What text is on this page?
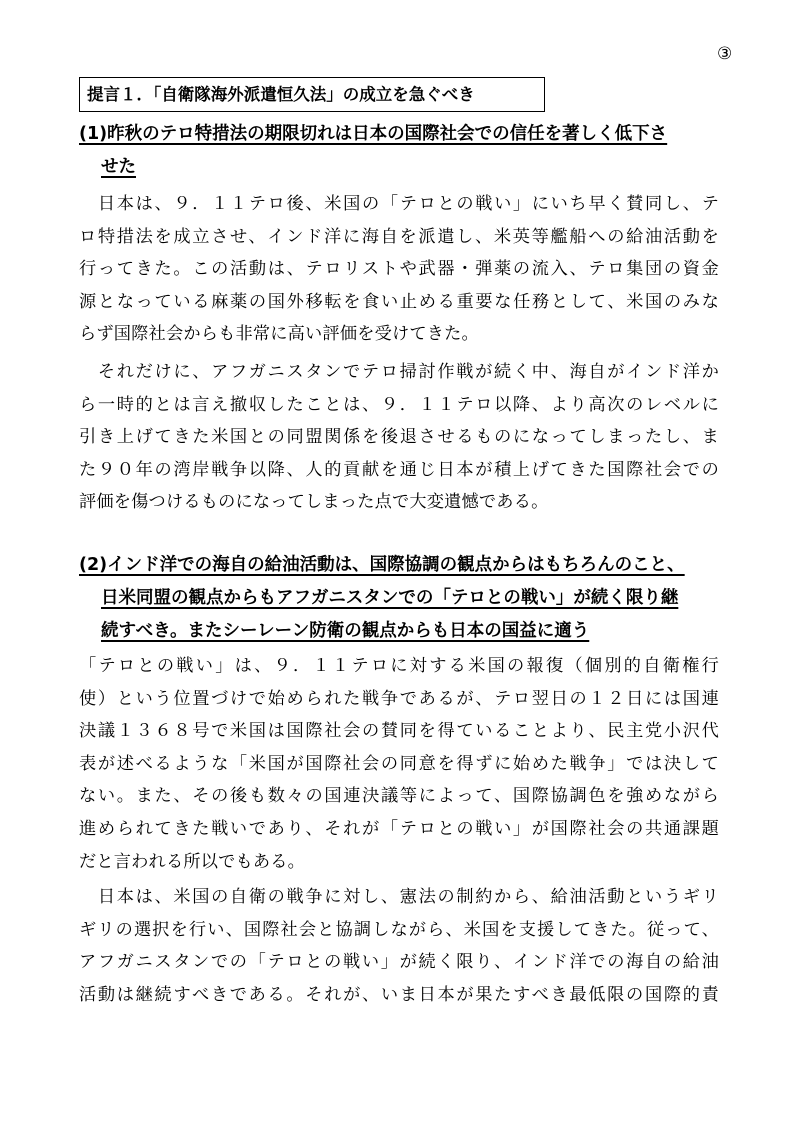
③
提言１．「自衛隊海外派遣恒久法」の成立を急ぐべき
(1)昨秋のテロ特措法の期限切れは日本の国際社会での信任を著しく低下さ
せた
　日本は、９．１１テロ後、米国の「テロとの戦い」にいち早く賛同し、テ
ロ特措法を成立させ、インド洋に海自を派遣し、米英等艦船への給油活動を
行ってきた。この活動は、テロリストや武器・弾薬の流入、テロ集団の資金
源となっている麻薬の国外移転を食い止める重要な任務として、米国のみな
らず国際社会からも非常に高い評価を受けてきた。
　それだけに、アフガニスタンでテロ掃討作戦が続く中、海自がインド洋か
ら一時的とは言え撤収したことは、９．１１テロ以降、より高次のレベルに
引き上げてきた米国との同盟関係を後退させるものになってしまったし、ま
た９０年の湾岸戦争以降、人的貢献を通じ日本が積上げてきた国際社会での
評価を傷つけるものになってしまった点で大変遺憾である。
(2)インド洋での海自の給油活動は、国際協調の観点からはもちろんのこと、
日米同盟の観点からもアフガニスタンでの「テロとの戦い」が続く限り継
続すべき。またシーレーン防衛の観点からも日本の国益に適う
「テロとの戦い」は、９．１１テロに対する米国の報復（個別的自衛権行
使）という位置づけで始められた戦争であるが、テロ翌日の１２日には国連
決議１３６８号で米国は国際社会の賛同を得ていることより、民主党小沢代
表が述べるような「米国が国際社会の同意を得ずに始めた戦争」では決して
ない。また、その後も数々の国連決議等によって、国際協調色を強めながら
進められてきた戦いであり、それが「テロとの戦い」が国際社会の共通課題
だと言われる所以でもある。
　日本は、米国の自衛の戦争に対し、憲法の制約から、給油活動というギリ
ギリの選択を行い、国際社会と協調しながら、米国を支援してきた。従って、
アフガニスタンでの「テロとの戦い」が続く限り、インド洋での海自の給油
活動は継続すべきである。それが、いま日本が果たすべき最低限の国際的責
